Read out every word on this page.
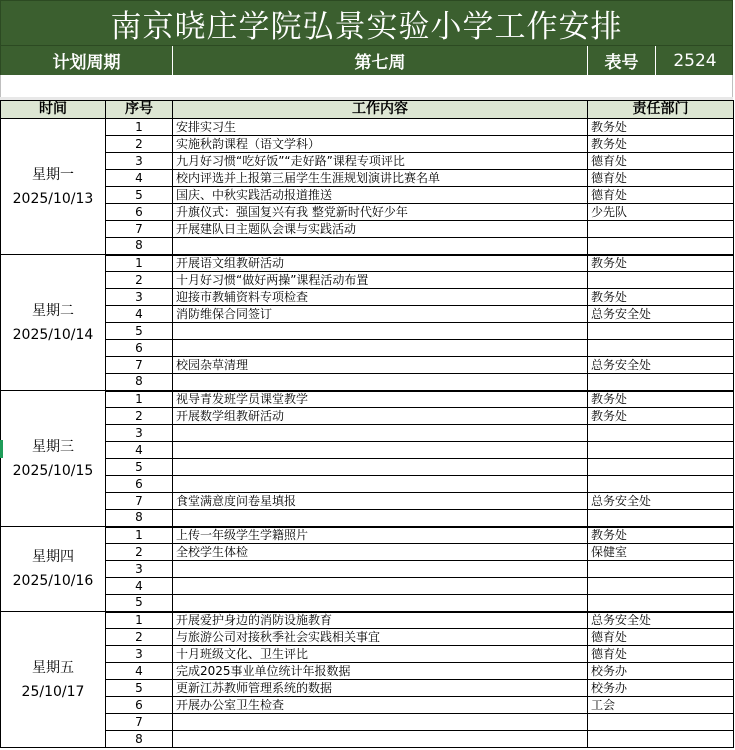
南京晓庄学院弘景实验小学工作安排
计划周期	第七周	表号	2524
时间	序号	工作内容	责任部门

星期一
2025/10/13	1	安排实习生	教务处
	2	实施秋韵课程（语文学科）	教务处
	3	九月好习惯“吃好饭”“走好路”课程专项评比	德育处
	4	校内评选并上报第三届学生生涯规划演讲比赛名单	德育处
	5	国庆、中秋实践活动报道推送	德育处
	6	升旗仪式：强国复兴有我 整党新时代好少年	少先队
	7	开展建队日主题队会课与实践活动	
	8		

星期二
2025/10/14	1	开展语文组教研活动	教务处
	2	十月好习惯“做好两操”课程活动布置	
	3	迎接市教辅资料专项检查	教务处
	4	消防维保合同签订	总务安全处
	5		
	6		
	7	校园杂草清理	总务安全处
	8		

星期三
2025/10/15	1	视导青发班学员课堂教学	教务处
	2	开展数学组教研活动	教务处
	3		
	4		
	5		
	6		
	7	食堂满意度问卷星填报	总务安全处
	8		

星期四
2025/10/16	1	上传一年级学生学籍照片	教务处
	2	全校学生体检	保健室
	3		
	4		
	5		

星期五
25/10/17	1	开展爱护身边的消防设施教育	总务安全处
	2	与旅游公司对接秋季社会实践相关事宜	德育处
	3	十月班级文化、卫生评比	德育处
	4	完成2025事业单位统计年报数据	校务办
	5	更新江苏教师管理系统的数据	校务办
	6	开展办公室卫生检查	工会
	7		
	8		
